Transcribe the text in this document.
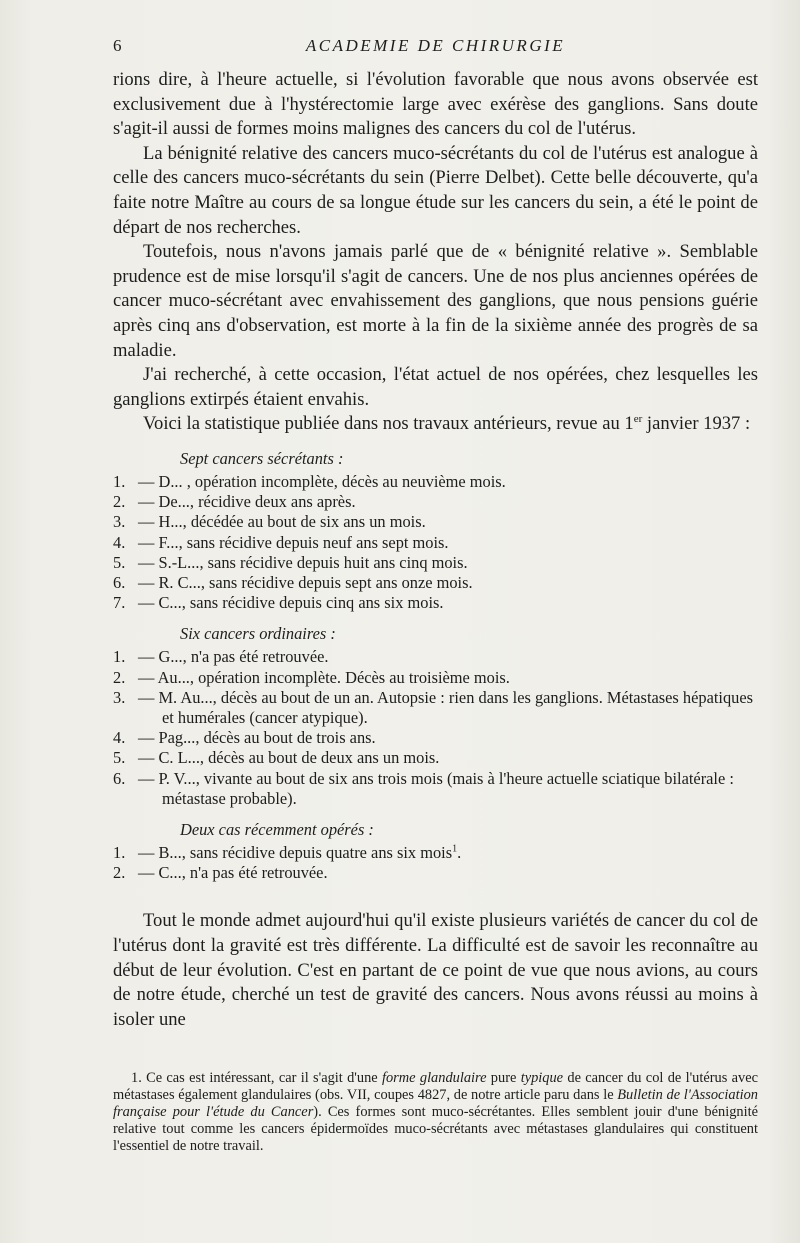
6	ACADEMIE DE CHIRURGIE

rions dire, à l'heure actuelle, si l'évolution favorable que nous avons observée est exclusivement due à l'hystérectomie large avec exérèse des ganglions. Sans doute s'agit-il aussi de formes moins malignes des cancers du col de l'utérus.

La bénignité relative des cancers muco-sécrétants du col de l'utérus est analogue à celle des cancers muco-sécrétants du sein (Pierre Delbet). Cette belle découverte, qu'a faite notre Maître au cours de sa longue étude sur les cancers du sein, a été le point de départ de nos recherches.

Toutefois, nous n'avons jamais parlé que de « bénignité relative ». Semblable prudence est de mise lorsqu'il s'agit de cancers. Une de nos plus anciennes opérées de cancer muco-sécrétant avec envahissement des ganglions, que nous pensions guérie après cinq ans d'observation, est morte à la fin de la sixième année des progrès de sa maladie.

J'ai recherché, à cette occasion, l'état actuel de nos opérées, chez lesquelles les ganglions extirpés étaient envahis.

Voici la statistique publiée dans nos travaux antérieurs, revue au 1er janvier 1937 :

Sept cancers sécrétants :
1. — D... , opération incomplète, décès au neuvième mois.
2. — De..., récidive deux ans après.
3. — H..., décédée au bout de six ans un mois.
4. — F..., sans récidive depuis neuf ans sept mois.
5. — S.-L..., sans récidive depuis huit ans cinq mois.
6. — R. C..., sans récidive depuis sept ans onze mois.
7. — C..., sans récidive depuis cinq ans six mois.
Six cancers ordinaires :
1. — G..., n'a pas été retrouvée.
2. — Au..., opération incomplète. Décès au troisième mois.
3. — M. Au..., décès au bout de un an. Autopsie : rien dans les ganglions. Métastases hépatiques et humérales (cancer atypique).
4. — Pag..., décès au bout de trois ans.
5. — C. L..., décès au bout de deux ans un mois.
6. — P. V..., vivante au bout de six ans trois mois (mais à l'heure actuelle sciatique bilatérale : métastase probable).
Deux cas récemment opérés :
1. — B..., sans récidive depuis quatre ans six mois$^1$.
2. — C..., n'a pas été retrouvée.

Tout le monde admet aujourd'hui qu'il existe plusieurs variétés de cancer du col de l'utérus dont la gravité est très différente. La difficulté est de savoir les reconnaître au début de leur évolution. C'est en partant de ce point de vue que nous avions, au cours de notre étude, cherché un test de gravité des cancers. Nous avons réussi au moins à isoler une

1. Ce cas est intéressant, car il s'agit d'une forme glandulaire pure typique de cancer du col de l'utérus avec métastases également glandulaires (obs. VII, coupes 4827, de notre article paru dans le Bulletin de l'Association française pour l'étude du Cancer). Ces formes sont muco-sécrétantes. Elles semblent jouir d'une bénignité relative tout comme les cancers épidermoïdes muco-sécrétants avec métastases glandulaires qui constituent l'essentiel de notre travail.
